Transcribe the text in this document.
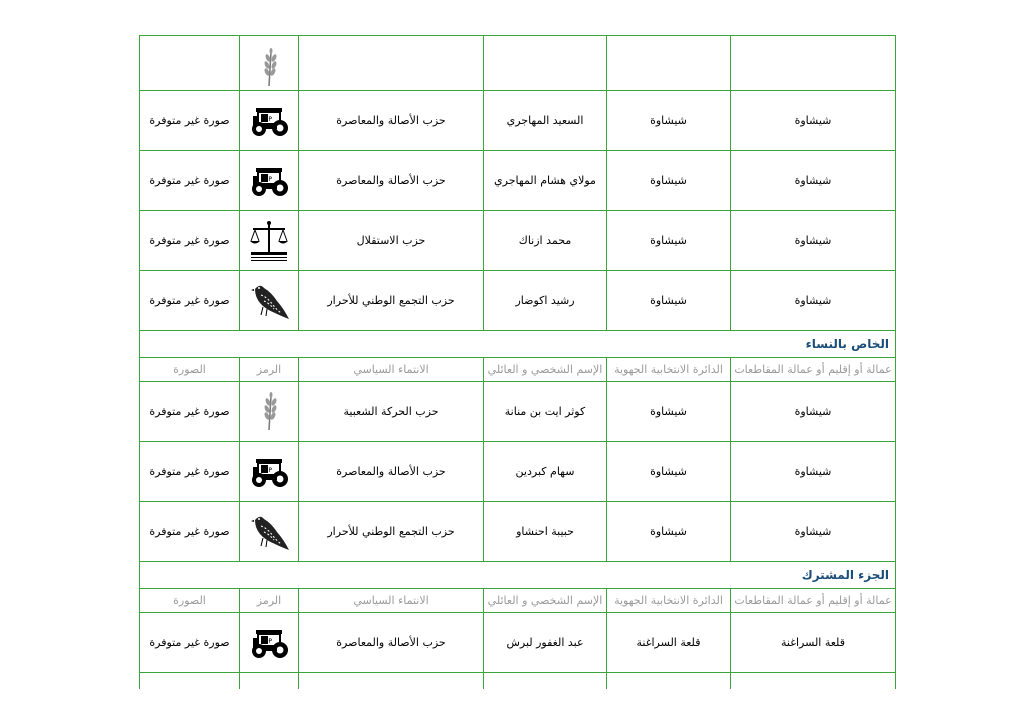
شيشاوة	شيشاوة	السعيد المهاجري	حزب الأصالة والمعاصرة		صورة غير متوفرة
شيشاوة	شيشاوة	مولاي هشام المهاجري	حزب الأصالة والمعاصرة		صورة غير متوفرة
شيشاوة	شيشاوة	محمد ازناك	حزب الاستقلال		صورة غير متوفرة
شيشاوة	شيشاوة	رشيد اكوضار	حزب التجمع الوطني للأحرار		صورة غير متوفرة
الخاص بالنساء					
عمالة أو إقليم أو عمالة المقاطعات	الدائرة الانتخابية الجهوية	الإسم الشخصي و العائلي	الانتماء السياسي	الرمز	الصورة
شيشاوة	شيشاوة	كوثر ايت بن منانة	حزب الحركة الشعبية		صورة غير متوفرة
شيشاوة	شيشاوة	سهام كبردين	حزب الأصالة والمعاصرة		صورة غير متوفرة
شيشاوة	شيشاوة	حبيبة احنشاو	حزب التجمع الوطني للأحرار		صورة غير متوفرة
الجزء المشترك					
عمالة أو إقليم أو عمالة المقاطعات	الدائرة الانتخابية الجهوية	الإسم الشخصي و العائلي	الانتماء السياسي	الرمز	الصورة
قلعة السراغنة	قلعة السراغنة	عبد الغفور لبرش	حزب الأصالة والمعاصرة		صورة غير متوفرة
